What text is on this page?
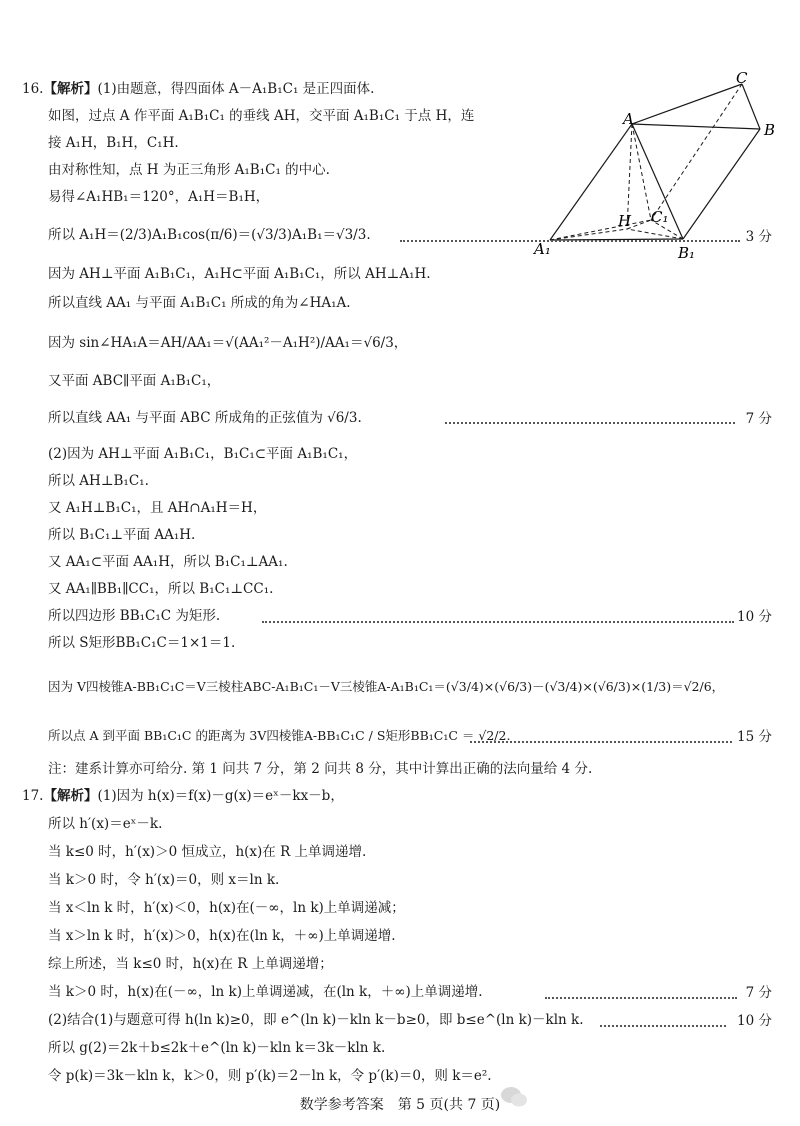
A
B
C
A₁	B₁
C₁
H
16.【解析】(1)由题意，得四面体 A－A₁B₁C₁ 是正四面体.
如图，过点 A 作平面 A₁B₁C₁ 的垂线 AH，交平面 A₁B₁C₁ 于点 H，连
接 A₁H，B₁H，C₁H.
由对称性知，点 H 为正三角形 A₁B₁C₁ 的中心.
易得∠A₁HB₁＝120°，A₁H＝B₁H，
所以 A₁H＝(2/3)A₁B₁cos(π/6)＝(√3/3)A₁B₁＝√3/3.	3 分
因为 AH⊥平面 A₁B₁C₁，A₁H⊂平面 A₁B₁C₁，所以 AH⊥A₁H.
所以直线 AA₁ 与平面 A₁B₁C₁ 所成的角为∠HA₁A.
因为 sin∠HA₁A＝AH/AA₁＝√(AA₁²－A₁H²)/AA₁＝√6/3，
又平面 ABC∥平面 A₁B₁C₁，
所以直线 AA₁ 与平面 ABC 所成角的正弦值为 √6/3.	7 分
(2)因为 AH⊥平面 A₁B₁C₁，B₁C₁⊂平面 A₁B₁C₁，
所以 AH⊥B₁C₁.
又 A₁H⊥B₁C₁，且 AH∩A₁H＝H，
所以 B₁C₁⊥平面 AA₁H.
又 AA₁⊂平面 AA₁H，所以 B₁C₁⊥AA₁.
又 AA₁∥BB₁∥CC₁，所以 B₁C₁⊥CC₁.
所以四边形 BB₁C₁C 为矩形.	10 分
所以 S矩形BB₁C₁C＝1×1＝1.
因为 V四棱锥A-BB₁C₁C＝V三棱柱ABC-A₁B₁C₁－V三棱锥A-A₁B₁C₁＝(√3/4)×(√6/3)－(√3/4)×(√6/3)×(1/3)＝√2/6，
所以点 A 到平面 BB₁C₁C 的距离为 3V四棱锥A-BB₁C₁C / S矩形BB₁C₁C ＝ √2/2.	15 分
注：建系计算亦可给分. 第 1 问共 7 分，第 2 问共 8 分，其中计算出正确的法向量给 4 分.
17.【解析】(1)因为 h(x)＝f(x)－g(x)＝eˣ－kx－b，
所以 h′(x)＝eˣ－k.
当 k≤0 时，h′(x)＞0 恒成立，h(x)在 R 上单调递增.
当 k＞0 时，令 h′(x)＝0，则 x＝ln k.
当 x＜ln k 时，h′(x)＜0，h(x)在(－∞，ln k)上单调递减；
当 x＞ln k 时，h′(x)＞0，h(x)在(ln k，＋∞)上单调递增.
综上所述，当 k≤0 时，h(x)在 R 上单调递增；
当 k＞0 时，h(x)在(－∞，ln k)上单调递减，在(ln k，＋∞)上单调递增.	7 分
(2)结合(1)与题意可得 h(ln k)≥0，即 e^(ln k)－kln k－b≥0，即 b≤e^(ln k)－kln k.	10 分
所以 g(2)＝2k＋b≤2k＋e^(ln k)－kln k＝3k－kln k.
令 p(k)＝3k－kln k，k＞0，则 p′(k)＝2－ln k，令 p′(k)＝0，则 k＝e².
数学参考答案　第 5 页(共 7 页)
